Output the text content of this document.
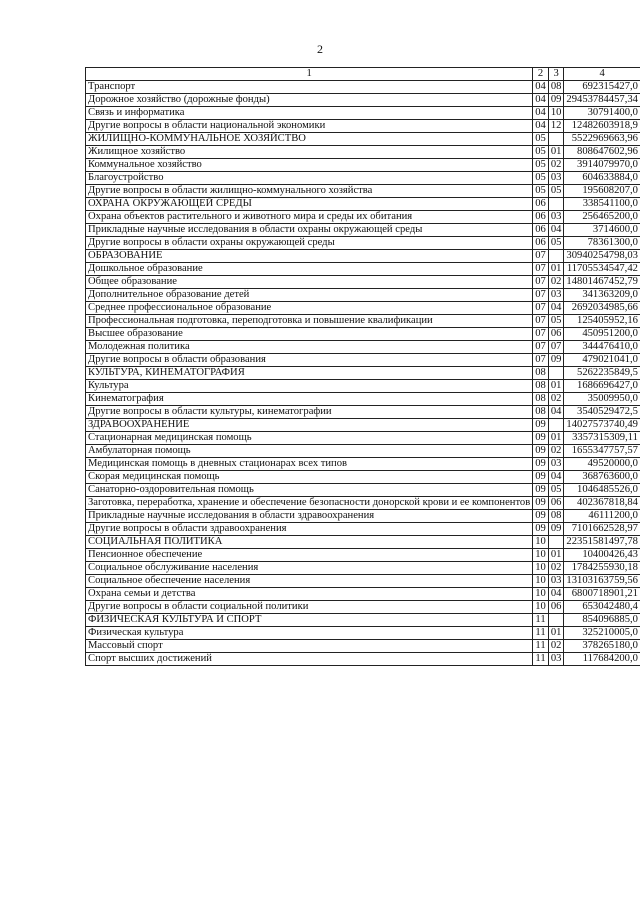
2
1	2	3	4
Транспорт	04	08	692315427,0
Дорожное хозяйство (дорожные фонды)	04	09	29453784457,34
Связь и информатика	04	10	30791400,0
Другие вопросы в области национальной экономики	04	12	12482603918,9
ЖИЛИЩНО-КОММУНАЛЬНОЕ ХОЗЯЙСТВО	05		5522969663,96
Жилищное хозяйство	05	01	808647602,96
Коммунальное хозяйство	05	02	3914079970,0
Благоустройство	05	03	604633884,0
Другие вопросы в области жилищно-коммунального хозяйства	05	05	195608207,0
ОХРАНА ОКРУЖАЮЩЕЙ СРЕДЫ	06		338541100,0
Охрана объектов растительного и животного мира и среды их обитания	06	03	256465200,0
Прикладные научные исследования в области охраны окружающей среды	06	04	3714600,0
Другие вопросы в области охраны окружающей среды	06	05	78361300,0
ОБРАЗОВАНИЕ	07		30940254798,03
Дошкольное образование	07	01	11705534547,42
Общее образование	07	02	14801467452,79
Дополнительное образование детей	07	03	341363209,0
Среднее профессиональное образование	07	04	2692034985,66
Профессиональная подготовка, переподготовка и повышение квалификации	07	05	125405952,16
Высшее образование	07	06	450951200,0
Молодежная политика	07	07	344476410,0
Другие вопросы в области образования	07	09	479021041,0
КУЛЬТУРА, КИНЕМАТОГРАФИЯ	08		5262235849,5
Культура	08	01	1686696427,0
Кинематография	08	02	35009950,0
Другие вопросы в области культуры, кинематографии	08	04	3540529472,5
ЗДРАВООХРАНЕНИЕ	09		14027573740,49
Стационарная медицинская помощь	09	01	3357315309,11
Амбулаторная помощь	09	02	1655347757,57
Медицинская помощь в дневных стационарах всех типов	09	03	49520000,0
Скорая медицинская помощь	09	04	368763600,0
Санаторно-оздоровительная помощь	09	05	1046485526,0
Заготовка, переработка, хранение и обеспечение безопасности донорской крови и ее компонентов	09	06	402367818,84
Прикладные научные исследования в области здравоохранения	09	08	46111200,0
Другие вопросы в области здравоохранения	09	09	7101662528,97
СОЦИАЛЬНАЯ ПОЛИТИКА	10		22351581497,78
Пенсионное обеспечение	10	01	10400426,43
Социальное обслуживание населения	10	02	1784255930,18
Социальное обеспечение населения	10	03	13103163759,56
Охрана семьи и детства	10	04	6800718901,21
Другие вопросы в области социальной политики	10	06	653042480,4
ФИЗИЧЕСКАЯ КУЛЬТУРА И СПОРТ	11		854096885,0
Физическая культура	11	01	325210005,0
Массовый спорт	11	02	378265180,0
Спорт высших достижений	11	03	117684200,0
